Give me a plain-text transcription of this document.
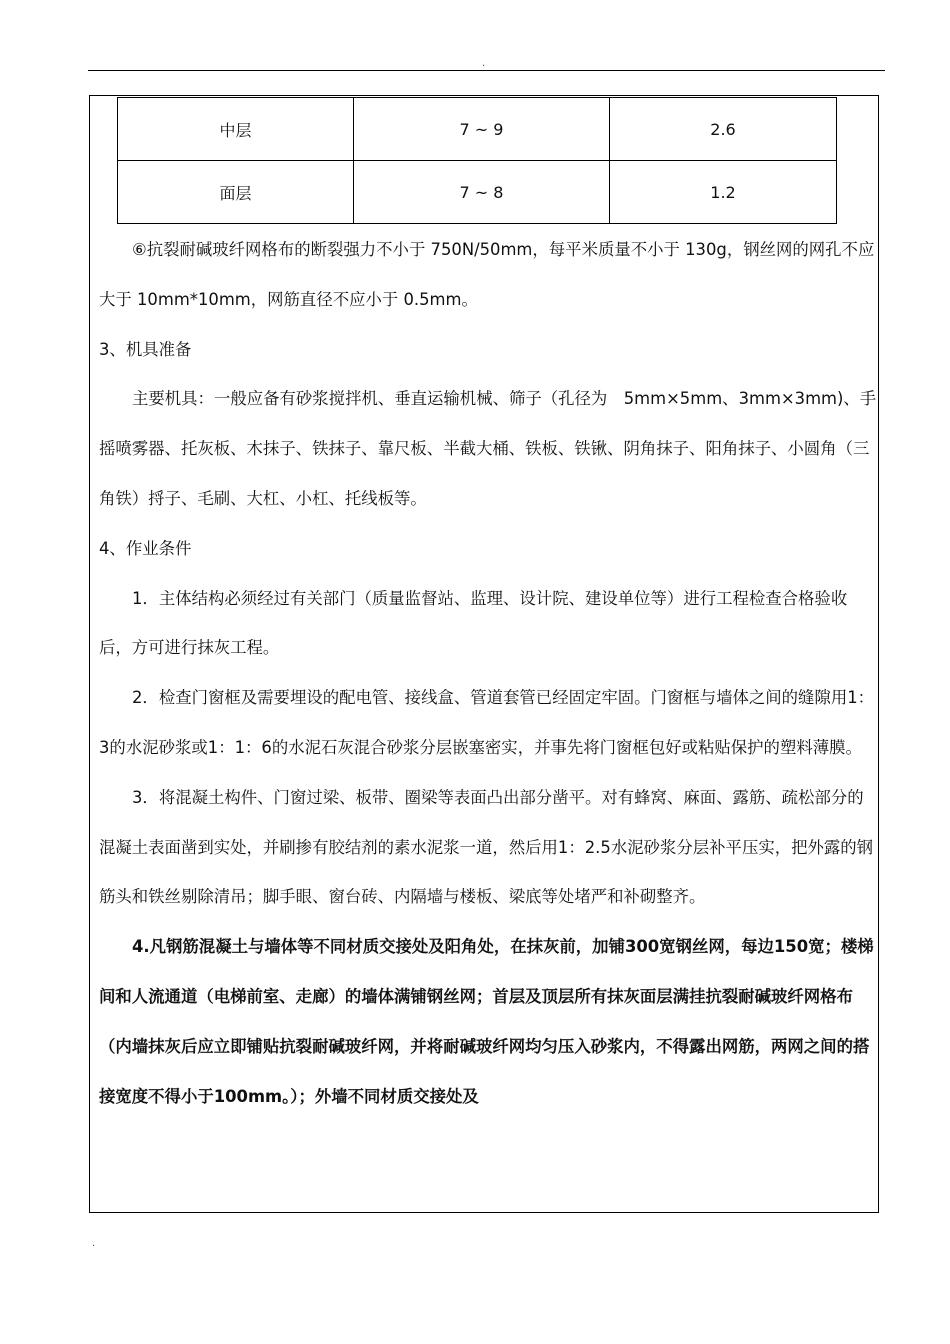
.
中层	7 ~ 9	2.6
面层	7 ~ 8	1.2

⑥抗裂耐碱玻纤网格布的断裂强力不小于 750N/50mm，每平米质量不小于 130g，钢丝网的网孔不应大于 10mm*10mm，网筋直径不应小于 0.5mm。

3、机具准备

主要机具：一般应备有砂浆搅拌机、垂直运输机械、筛子（孔径为　5mm×5mm、3mm×3mm)、手摇喷雾器、托灰板、木抹子、铁抹子、靠尺板、半截大桶、铁板、铁锹、阴角抹子、阳角抹子、小圆角（三角铁）捋子、毛刷、大杠、小杠、托线板等。

4、作业条件

1．主体结构必须经过有关部门（质量监督站、监理、设计院、建设单位等）进行工程检查合格验收后，方可进行抹灰工程。

2．检查门窗框及需要埋设的配电管、接线盒、管道套管已经固定牢固。门窗框与墙体之间的缝隙用1：3的水泥砂浆或1：1：6的水泥石灰混合砂浆分层嵌塞密实，并事先将门窗框包好或粘贴保护的塑料薄膜。

3．将混凝土构件、门窗过梁、板带、圈梁等表面凸出部分凿平。对有蜂窝、麻面、露筋、疏松部分的混凝土表面凿到实处，并刷掺有胶结剂的素水泥浆一道，然后用1：2.5水泥砂浆分层补平压实，把外露的钢筋头和铁丝剔除清吊；脚手眼、窗台砖、内隔墙与楼板、梁底等处堵严和补砌整齐。

4.凡钢筋混凝土与墙体等不同材质交接处及阳角处，在抹灰前，加铺300宽钢丝网，每边150宽；楼梯间和人流通道（电梯前室、走廊）的墙体满铺钢丝网；首层及顶层所有抹灰面层满挂抗裂耐碱玻纤网格布（内墙抹灰后应立即铺贴抗裂耐碱玻纤网，并将耐碱玻纤网均匀压入砂浆内，不得露出网筋，两网之间的搭接宽度不得小于100mm。）；外墙不同材质交接处及

.
